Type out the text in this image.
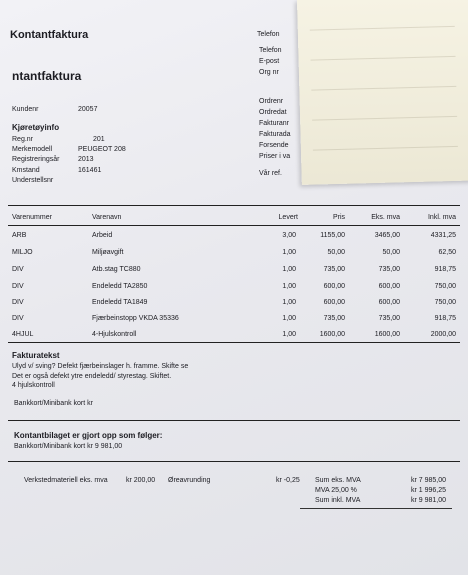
Kontantfaktura
ntantfaktura
Telefon
Telefon
E-post
Org nr
Ordrenr
Ordredat
Fakturanr
Fakturada
Forsende
Priser i va
Vår ref.
Kundenr	20057
Kjøretøyinfo
Reg.nr	201
Merkemodell	PEUGEOT 208
Registreringsår	2013
Kmstand	161461
Understellsnr
Varenummer	Varenavn	Levert	Pris	Eks. mva	Inkl. mva
ARB	Arbeid	3,00	1155,00	3465,00	4331,25
MILJO	Miljøavgift	1,00	50,00	50,00	62,50
DIV	Atb.stag TC880	1,00	735,00	735,00	918,75
DIV	Endeledd TA2850	1,00	600,00	600,00	750,00
DIV	Endeledd TA1849	1,00	600,00	600,00	750,00
DIV	Fjærbeinstopp VKDA 35336	1,00	735,00	735,00	918,75
4HJUL	4-Hjulskontroll	1,00	1600,00	1600,00	2000,00
Fakturatekst
Ulyd v/ sving? Defekt fjærbeinslager h. framme. Skifte se
Det er også defekt ytre endeledd/ styrestag. Skiftet.
4 hjulskontroll
Bankkort/Minibank kort kr
Kontantbilaget er gjort opp som følger:
Bankkort/Minibank kort kr 9 981,00
Verkstedmateriell eks. mva	kr 200,00 Øreavrunding	kr -0,25 Sum eks. MVA	kr 7 985,00
MVA 25,00 %	kr 1 996,25
Sum inkl. MVA	kr 9 981,00
